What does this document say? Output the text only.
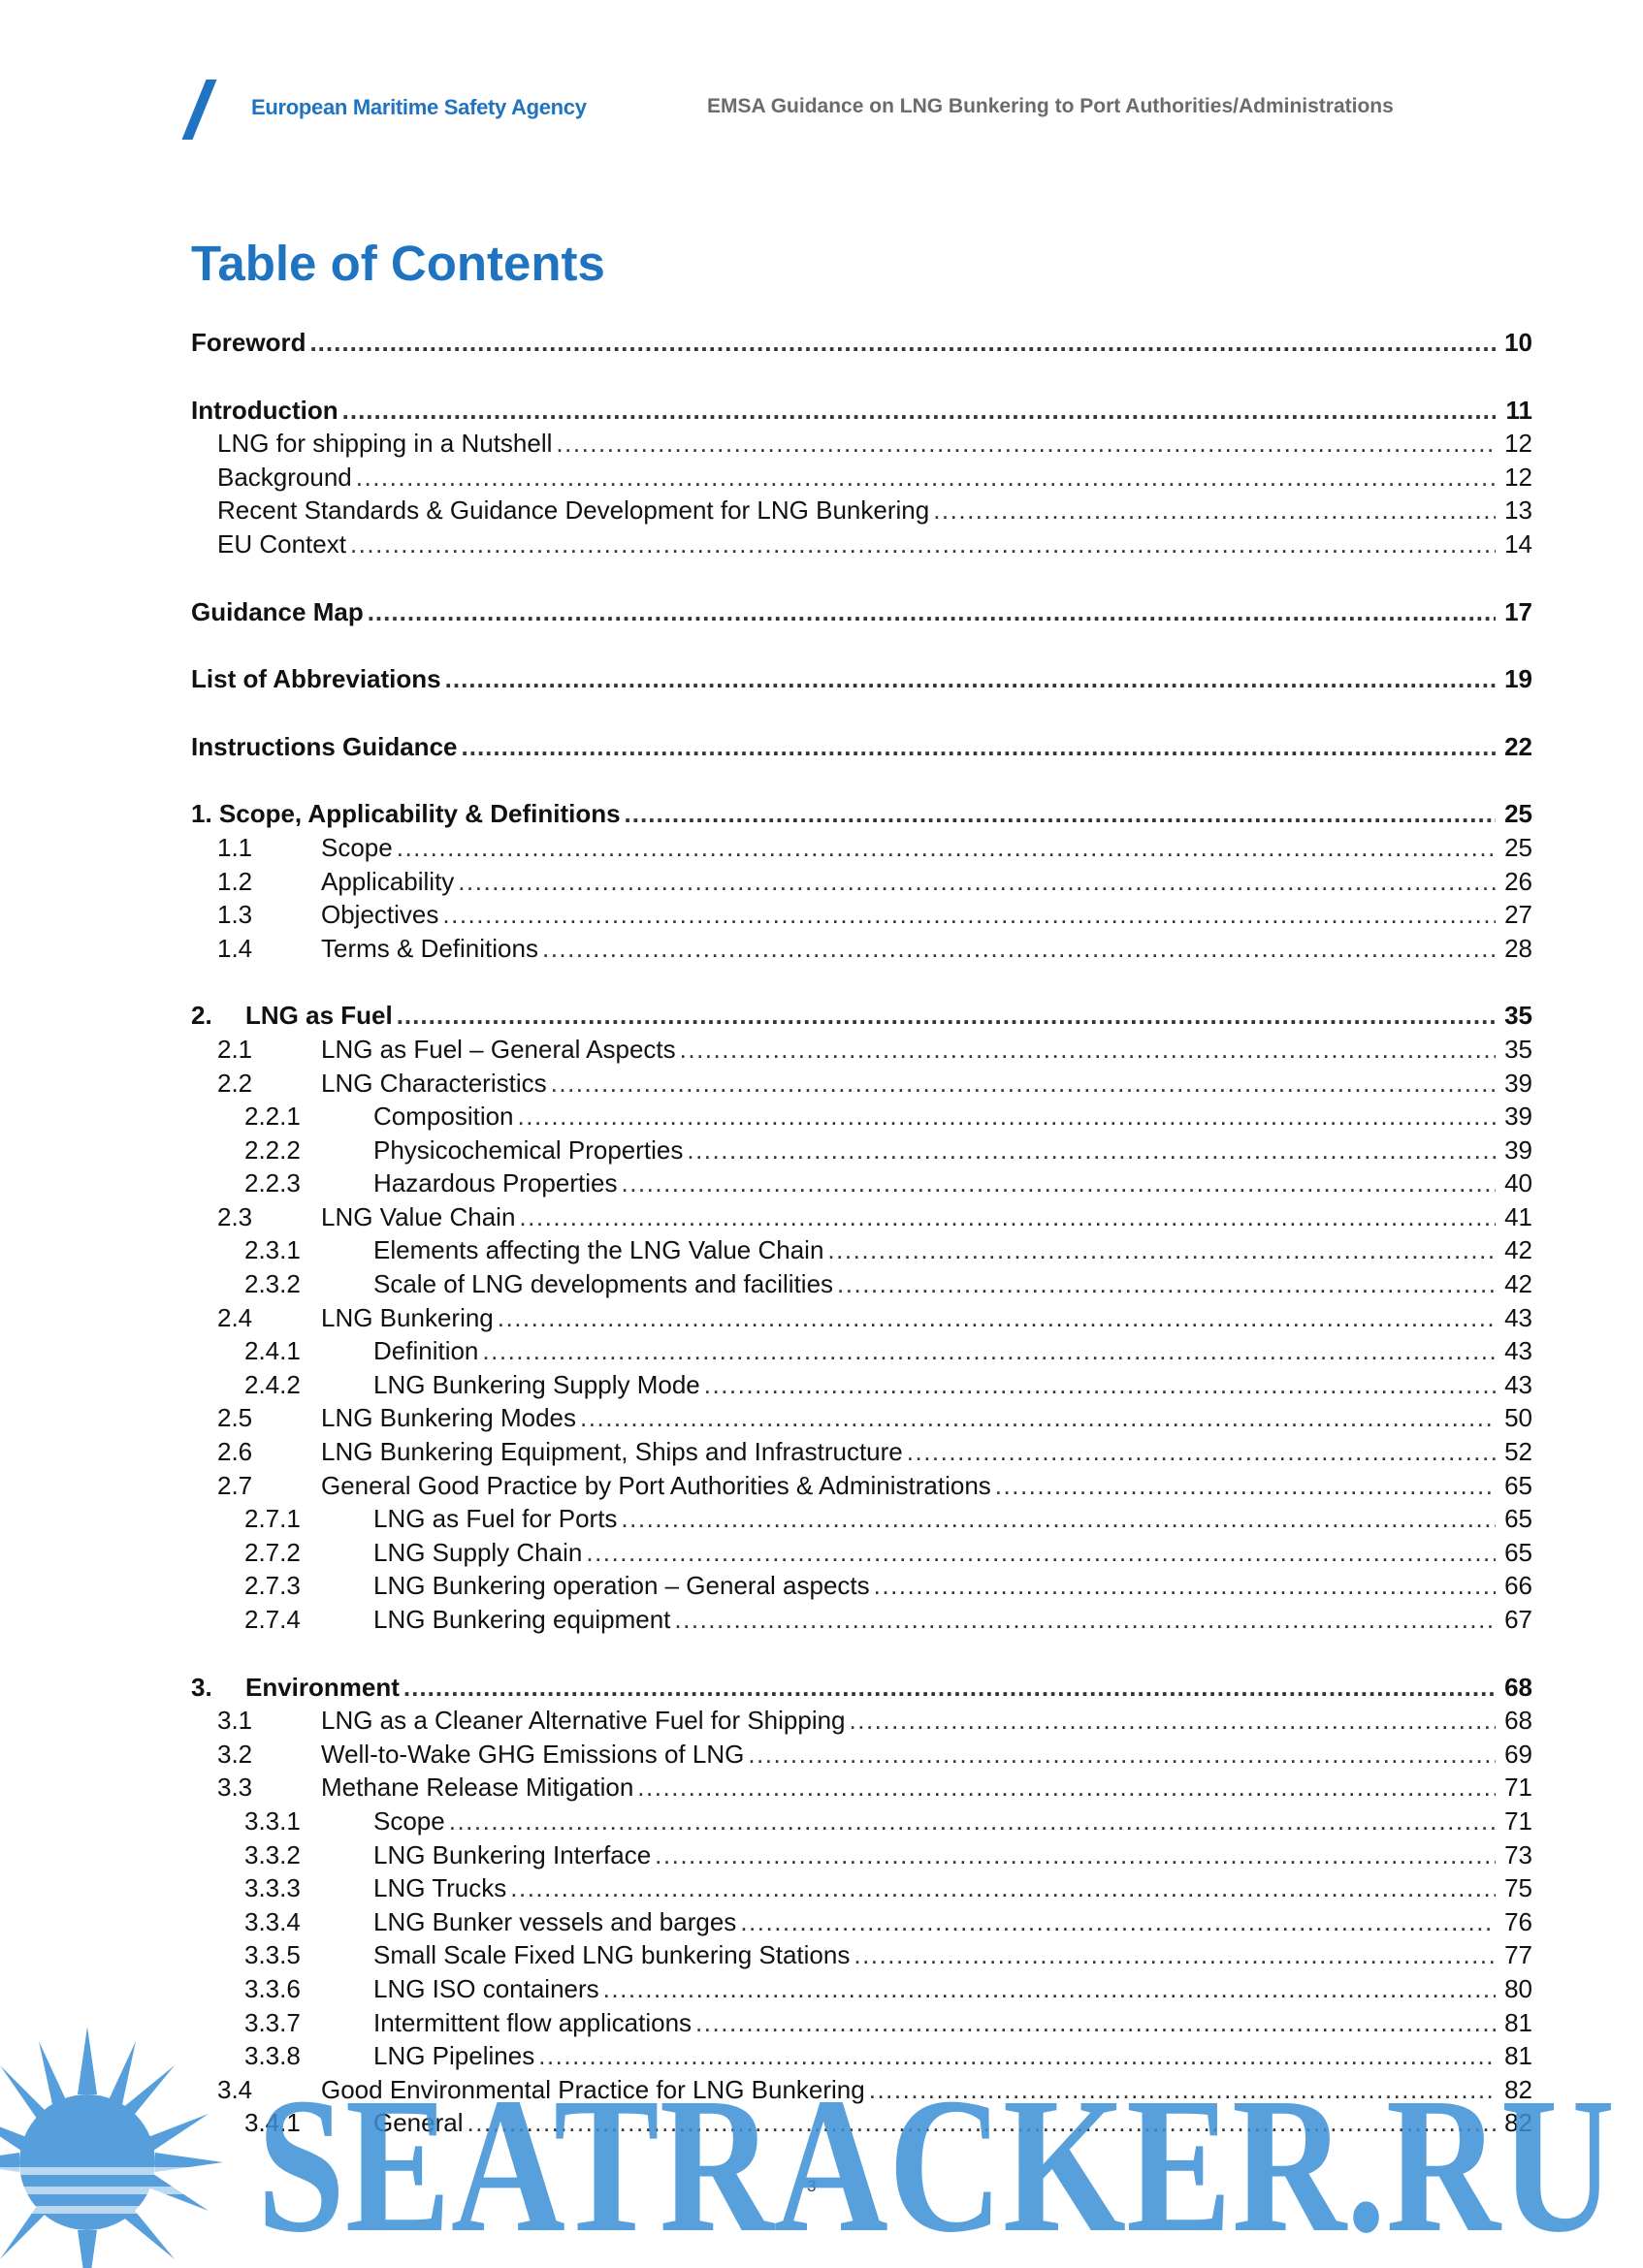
European Maritime Safety Agency	EMSA Guidance on LNG Bunkering to Port Authorities/Administrations
Table of Contents
Foreword .....	10
Introduction .....	11
LNG for shipping in a Nutshell .....	12
Background .....	12
Recent Standards & Guidance Development for LNG Bunkering .....	13
EU Context .....	14
Guidance Map .....	17
List of Abbreviations .....	19
Instructions Guidance .....	22
1. Scope, Applicability & Definitions .....	25
1.1	Scope .....	25
1.2	Applicability .....	26
1.3	Objectives .....	27
1.4	Terms & Definitions .....	28
2.	LNG as Fuel .....	35
2.1	LNG as Fuel – General Aspects .....	35
2.2	LNG Characteristics .....	39
2.2.1	Composition .....	39
2.2.2	Physicochemical Properties .....	39
2.2.3	Hazardous Properties .....	40
2.3	LNG Value Chain .....	41
2.3.1	Elements affecting the LNG Value Chain .....	42
2.3.2	Scale of LNG developments and facilities .....	42
2.4	LNG Bunkering .....	43
2.4.1	Definition .....	43
2.4.2	LNG Bunkering Supply Mode .....	43
2.5	LNG Bunkering Modes .....	50
2.6	LNG Bunkering Equipment, Ships and Infrastructure .....	52
2.7	General Good Practice by Port Authorities & Administrations .....	65
2.7.1	LNG as Fuel for Ports .....	65
2.7.2	LNG Supply Chain .....	65
2.7.3	LNG Bunkering operation – General aspects .....	66
2.7.4	LNG Bunkering equipment .....	67
3.	Environment .....	68
3.1	LNG as a Cleaner Alternative Fuel for Shipping .....	68
3.2	Well-to-Wake GHG Emissions of LNG .....	69
3.3	Methane Release Mitigation .....	71
3.3.1	Scope .....	71
3.3.2	LNG Bunkering Interface .....	73
3.3.3	LNG Trucks .....	75
3.3.4	LNG Bunker vessels and barges .....	76
3.3.5	Small Scale Fixed LNG bunkering Stations .....	77
3.3.6	LNG ISO containers .....	80
3.3.7	Intermittent flow applications .....	81
3.3.8	LNG Pipelines .....	81
3.4	Good Environmental Practice for LNG Bunkering .....	82
3.4.1	General .....	82
3
SEATRACKER.RU
